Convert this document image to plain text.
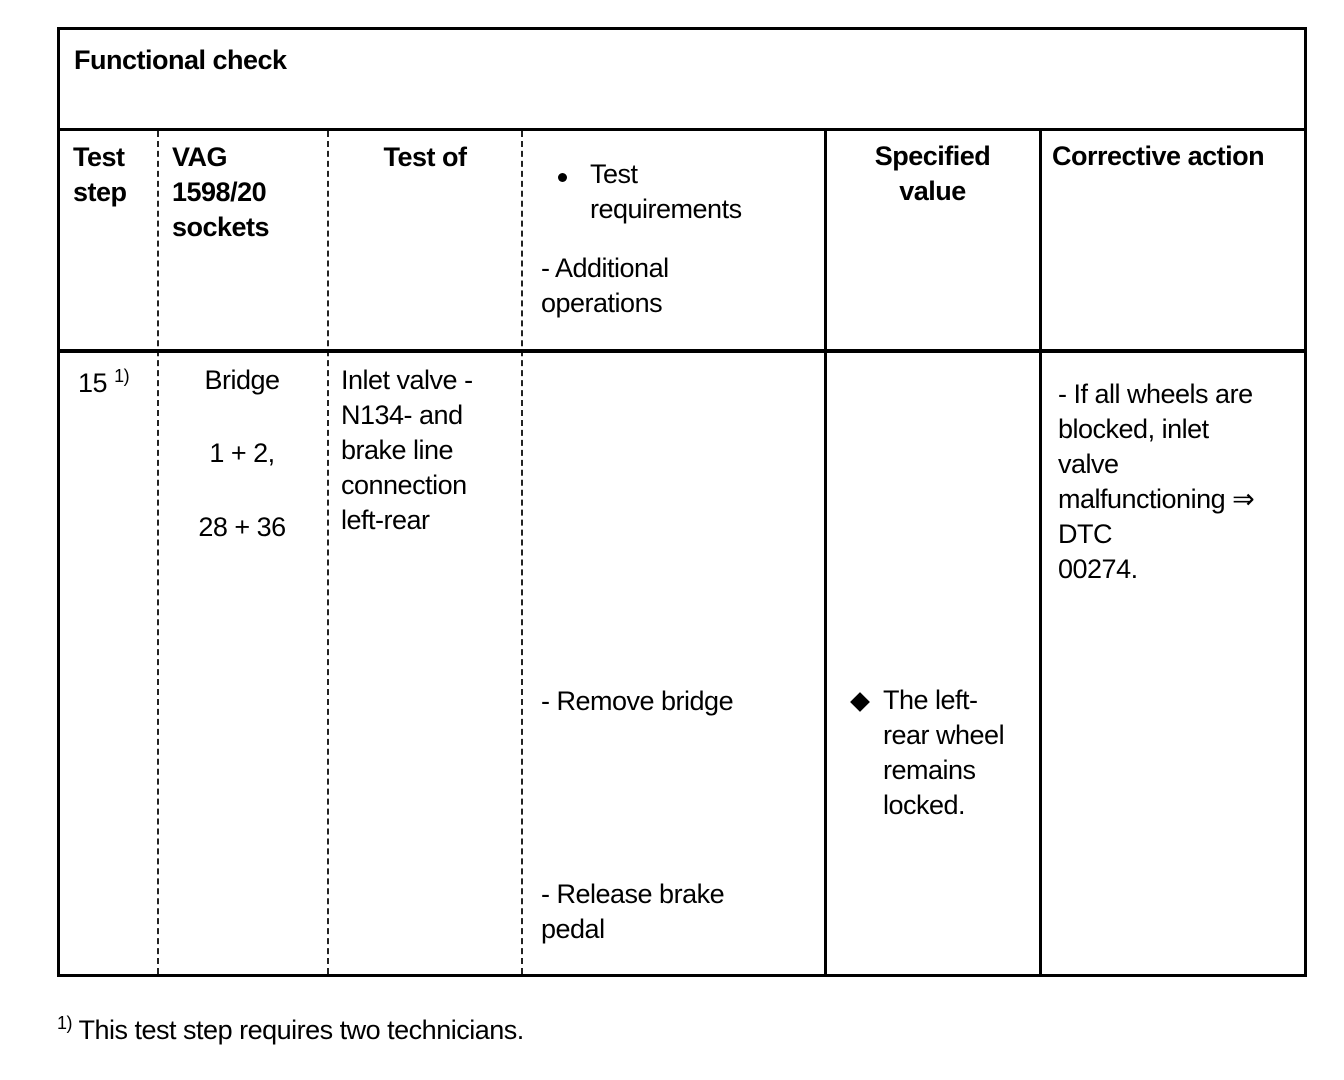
Functional check
Test
step
VAG
1598/20
sockets
Test of
Test
requirements
- Additional
operations
Specified
value
Corrective action
15 $^{1)}$	Bridge
1 + 2,
28 + 36
Inlet valve -
N134- and
brake line
connection
left-rear
- Remove bridge
- Release brake
pedal
The left-
rear wheel
remains
locked.
- If all wheels are
blocked, inlet
valve
malfunctioning ⇒
DTC
00274.
$^{1)}$ This test step requires two technicians.
